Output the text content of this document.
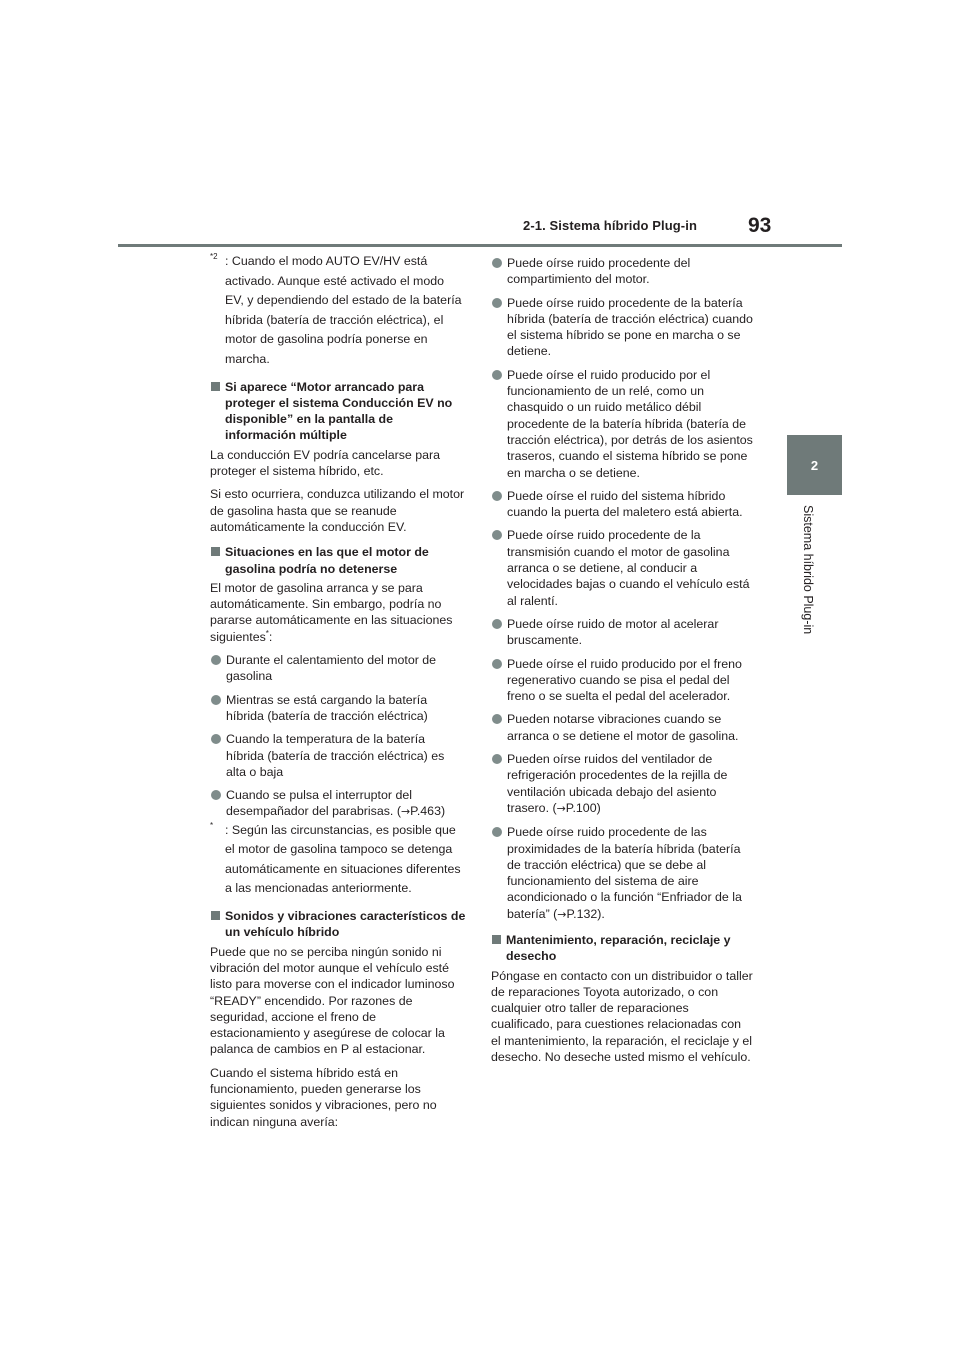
2-1. Sistema híbrido Plug-in 93
2
Sistema híbrido Plug-in
$^{*2}$ : Cuando el modo AUTO EV/HV está activado. Aunque esté activado el modo EV, y dependiendo del estado de la batería híbrida (batería de tracción eléctrica), el motor de gasolina podría ponerse en marcha.
Si aparece “Motor arrancado para proteger el sistema Conducción EV no disponible” en la pantalla de información múltiple

La conducción EV podría cancelarse para proteger el sistema híbrido, etc.

Si esto ocurriera, conduzca utilizando el motor de gasolina hasta que se reanude automáticamente la conducción EV.

Situaciones en las que el motor de gasolina podría no detenerse

El motor de gasolina arranca y se para automáticamente. Sin embargo, podría no pararse automáticamente en las situaciones siguientes*:

Durante el calentamiento del motor de gasolina
Mientras se está cargando la batería híbrida (batería de tracción eléctrica)
Cuando la temperatura de la batería híbrida (batería de tracción eléctrica) es alta o baja
Cuando se pulsa el interruptor del desempañador del parabrisas. (→P.463)
* : Según las circunstancias, es posible que el motor de gasolina tampoco se detenga automáticamente en situaciones diferentes a las mencionadas anteriormente.
Sonidos y vibraciones característicos de un vehículo híbrido

Puede que no se perciba ningún sonido ni vibración del motor aunque el vehículo esté listo para moverse con el indicador luminoso “READY” encendido. Por razones de seguridad, accione el freno de estacionamiento y asegúrese de colocar la palanca de cambios en P al estacionar.

Cuando el sistema híbrido está en funcionamiento, pueden generarse los siguientes sonidos y vibraciones, pero no indican ninguna avería:

Puede oírse ruido procedente del compartimiento del motor.
Puede oírse ruido procedente de la batería híbrida (batería de tracción eléctrica) cuando el sistema híbrido se pone en marcha o se detiene.
Puede oírse el ruido producido por el funcionamiento de un relé, como un chasquido o un ruido metálico débil procedente de la batería híbrida (batería de tracción eléctrica), por detrás de los asientos traseros, cuando el sistema híbrido se pone en marcha o se detiene.
Puede oírse el ruido del sistema híbrido cuando la puerta del maletero está abierta.
Puede oírse ruido procedente de la transmisión cuando el motor de gasolina arranca o se detiene, al conducir a velocidades bajas o cuando el vehículo está al ralentí.
Puede oírse ruido de motor al acelerar bruscamente.
Puede oírse el ruido producido por el freno regenerativo cuando se pisa el pedal del freno o se suelta el pedal del acelerador.
Pueden notarse vibraciones cuando se arranca o se detiene el motor de gasolina.
Pueden oírse ruidos del ventilador de refrigeración procedentes de la rejilla de ventilación ubicada debajo del asiento trasero. (→P.100)
Puede oírse ruido procedente de las proximidades de la batería híbrida (batería de tracción eléctrica) que se debe al funcionamiento del sistema de aire acondicionado o la función “Enfriador de la batería” (→P.132).
Mantenimiento, reparación, reciclaje y desecho

Póngase en contacto con un distribuidor o taller de reparaciones Toyota autorizado, o con cualquier otro taller de reparaciones cualificado, para cuestiones relacionadas con el mantenimiento, la reparación, el reciclaje y el desecho. No deseche usted mismo el vehículo.
